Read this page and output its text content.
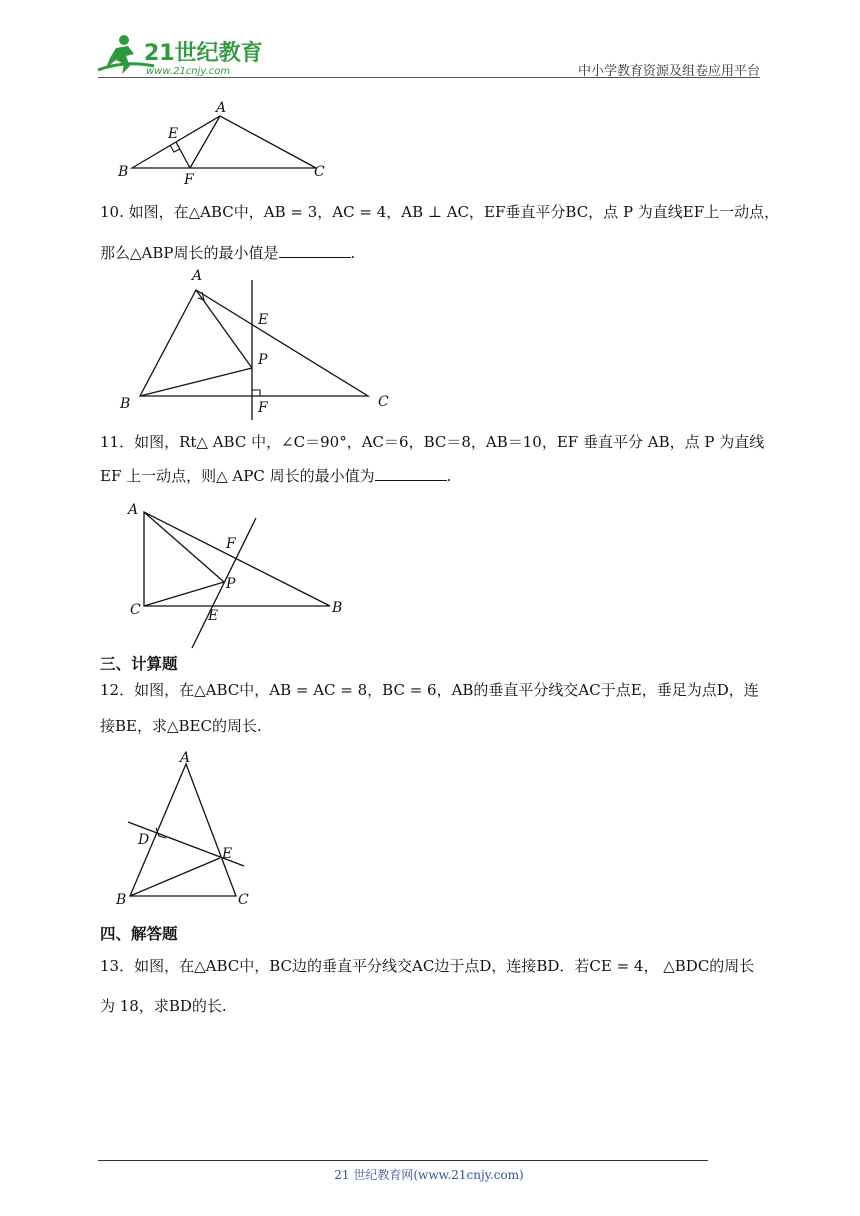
21世纪教育
www.21cnjy.com	中小学教育资源及组卷应用平台
A
B	C
E
F
10. 如图，在△ABC中，AB = 3，AC = 4，AB ⊥ AC，EF垂直平分BC，点 P 为直线EF上一动点，
那么△ABP周长的最小值是	.
A
B	C
E
F
P
11．如图，Rt△ ABC 中，∠C＝90°，AC＝6，BC＝8，AB＝10，EF 垂直平分 AB，点 P 为直线
EF 上一动点，则△ APC 周长的最小值为	.
A
B
C
F
P
E
三、计算题
12．如图，在△ABC中，AB = AC = 8，BC = 6，AB的垂直平分线交AC于点E，垂足为点D，连
接BE，求△BEC的周长.
A
B	C
D
E
四、解答题
13．如图，在△ABC中，BC边的垂直平分线交AC边于点D，连接BD．若CE = 4， △BDC的周长
为 18，求BD的长.
21 世纪教育网(www.21cnjy.com)
